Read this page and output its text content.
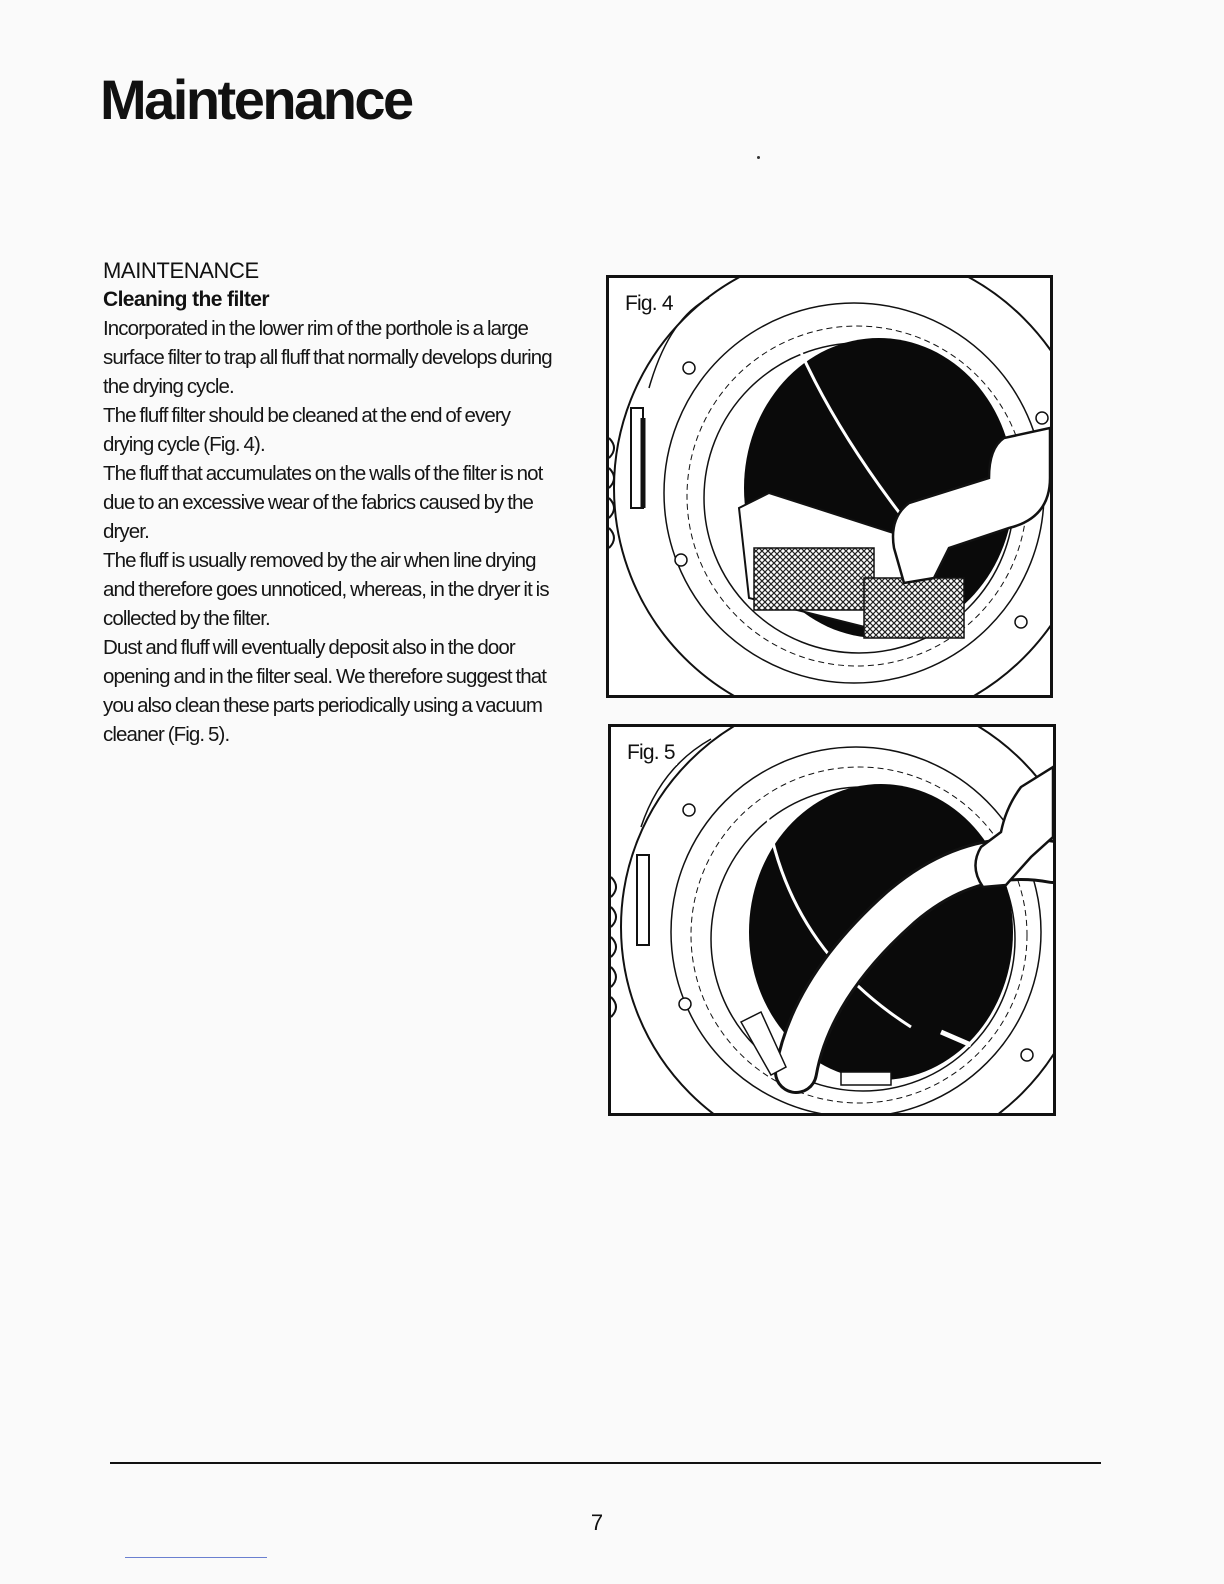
Maintenance

MAINTENANCE

Cleaning the filter

Incorporated in the lower rim of the porthole is a large surface filter to trap all fluff that normally develops during the drying cycle.

The fluff filter should be cleaned at the end of every drying cycle (Fig. 4).

The fluff that accumulates on the walls of the filter is not due to an excessive wear of the fabrics caused by the dryer.

The fluff is usually removed by the air when line drying and therefore goes unnoticed, whereas, in the dryer it is collected by the filter.

Dust and fluff will eventually deposit also in the door opening and in the filter seal. We therefore suggest that you also clean these parts periodically using a vacuum cleaner (Fig. 5).

Fig. 4
Fig. 5
7
